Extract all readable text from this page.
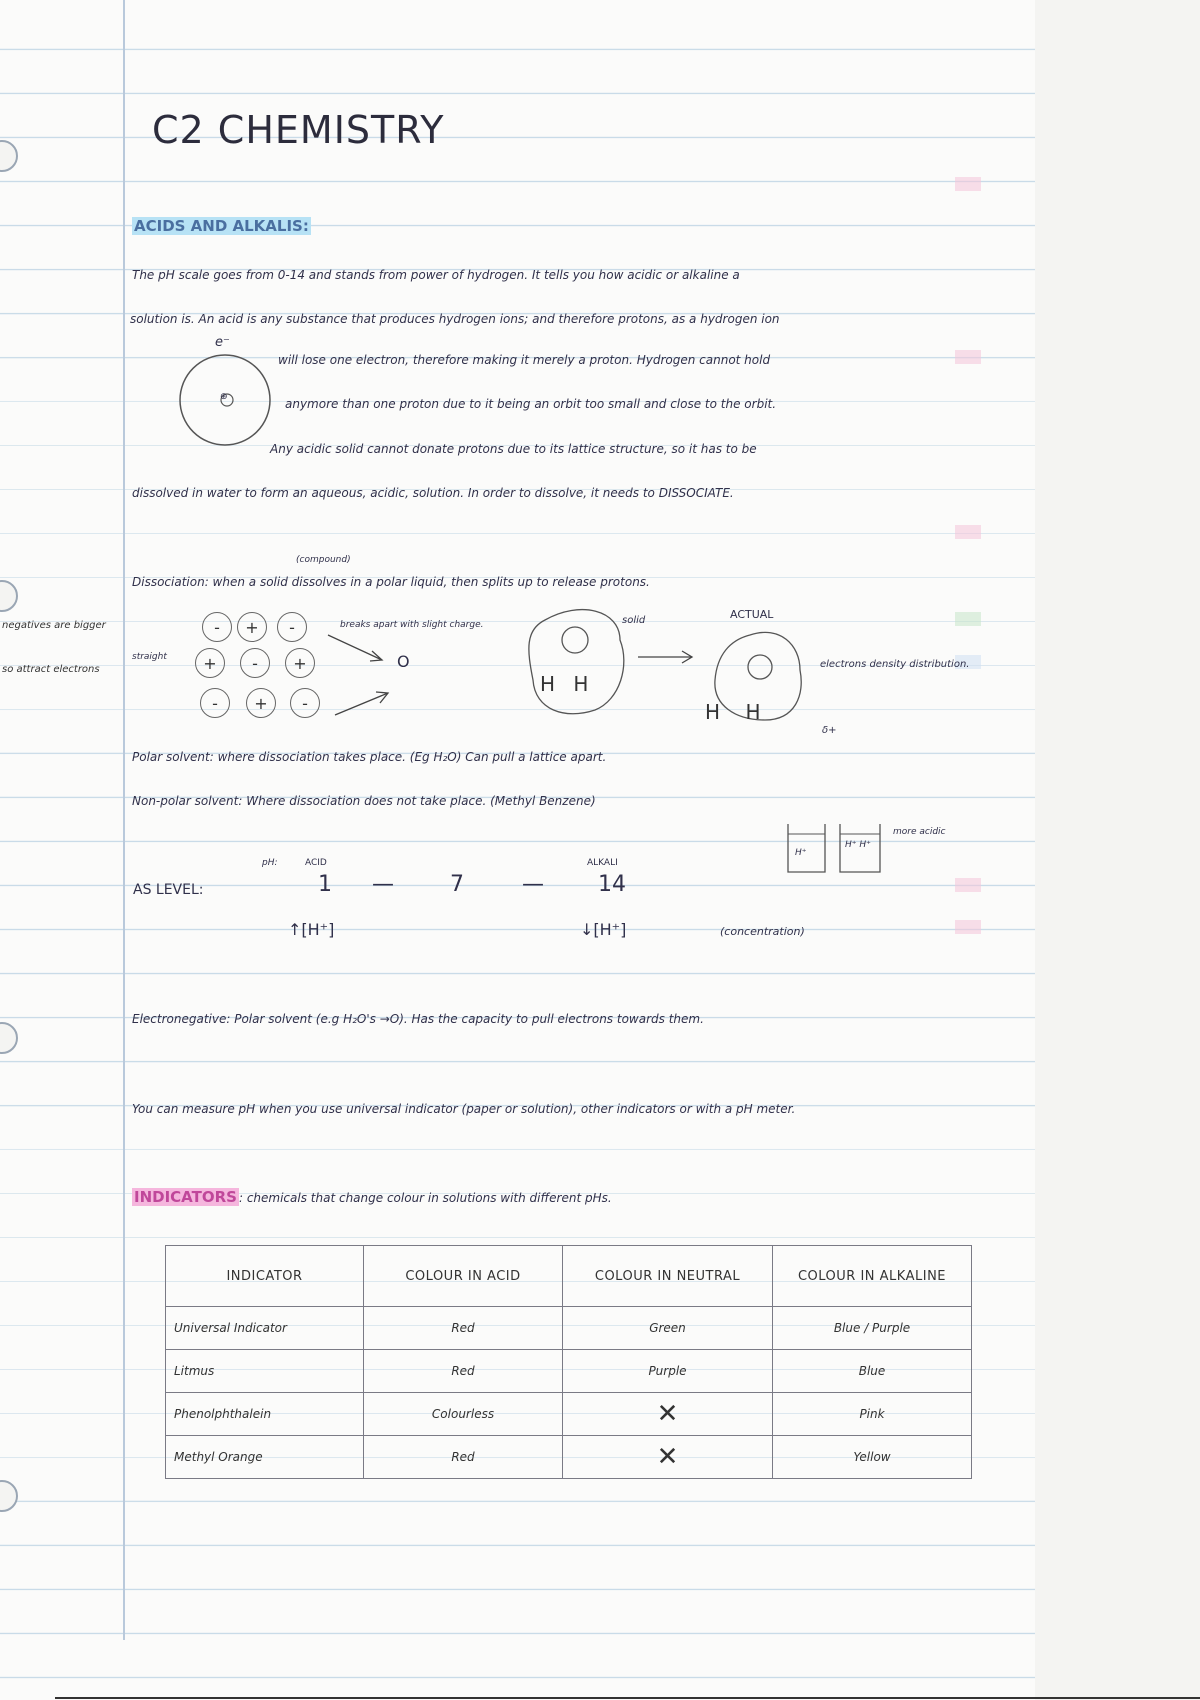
C2 CHEMISTRY
ACIDS AND ALKALIS:
The pH scale goes from 0-14 and stands from power of hydrogen. It tells you how acidic or alkaline a
solution is. An acid is any substance that produces hydrogen ions; and therefore protons, as a hydrogen ion
will lose one electron, therefore making it merely a proton. Hydrogen cannot hold
anymore than one proton due to it being an orbit too small and close to the orbit.
Any acidic solid cannot donate protons due to its lattice structure, so it has to be
dissolved in water to form an aqueous, acidic, solution. In order to dissolve, it needs to DISSOCIATE.
e⁻
⊕
(compound)
Dissociation: when a solid dissolves in a polar liquid, then splits up to release protons.
-	+	-
+	-	+
-	+	-
straight
breaks apart with slight charge.
O
H H
solid	ACTUAL
H    H
δ+
electrons density distribution.
Polar solvent: where dissociation takes place. (Eg H₂O) Can pull a lattice apart.
Non-polar solvent: Where dissociation does not take place. (Methyl Benzene)
AS LEVEL:
pH:	ACID	ALKALI
1 —	7	— 14
↑[H⁺]	↓[H⁺]	(concentration)
H⁺
H⁺ H⁺
more acidic
Electronegative: Polar solvent (e.g H₂O's →O). Has the capacity to pull electrons towards them.
You can measure pH when you use universal indicator (paper or solution), other indicators or with a pH meter.
INDICATORS : chemicals that change colour in solutions with different pHs.
INDICATOR	COLOUR IN ACID	COLOUR IN NEUTRAL	COLOUR IN ALKALINE
Universal Indicator	Red	Green	Blue / Purple
Litmus	Red	Purple	Blue
Phenolphthalein	Colourless	✕	Pink
Methyl Orange	Red	✕	Yellow
negatives are bigger
so attract electrons
